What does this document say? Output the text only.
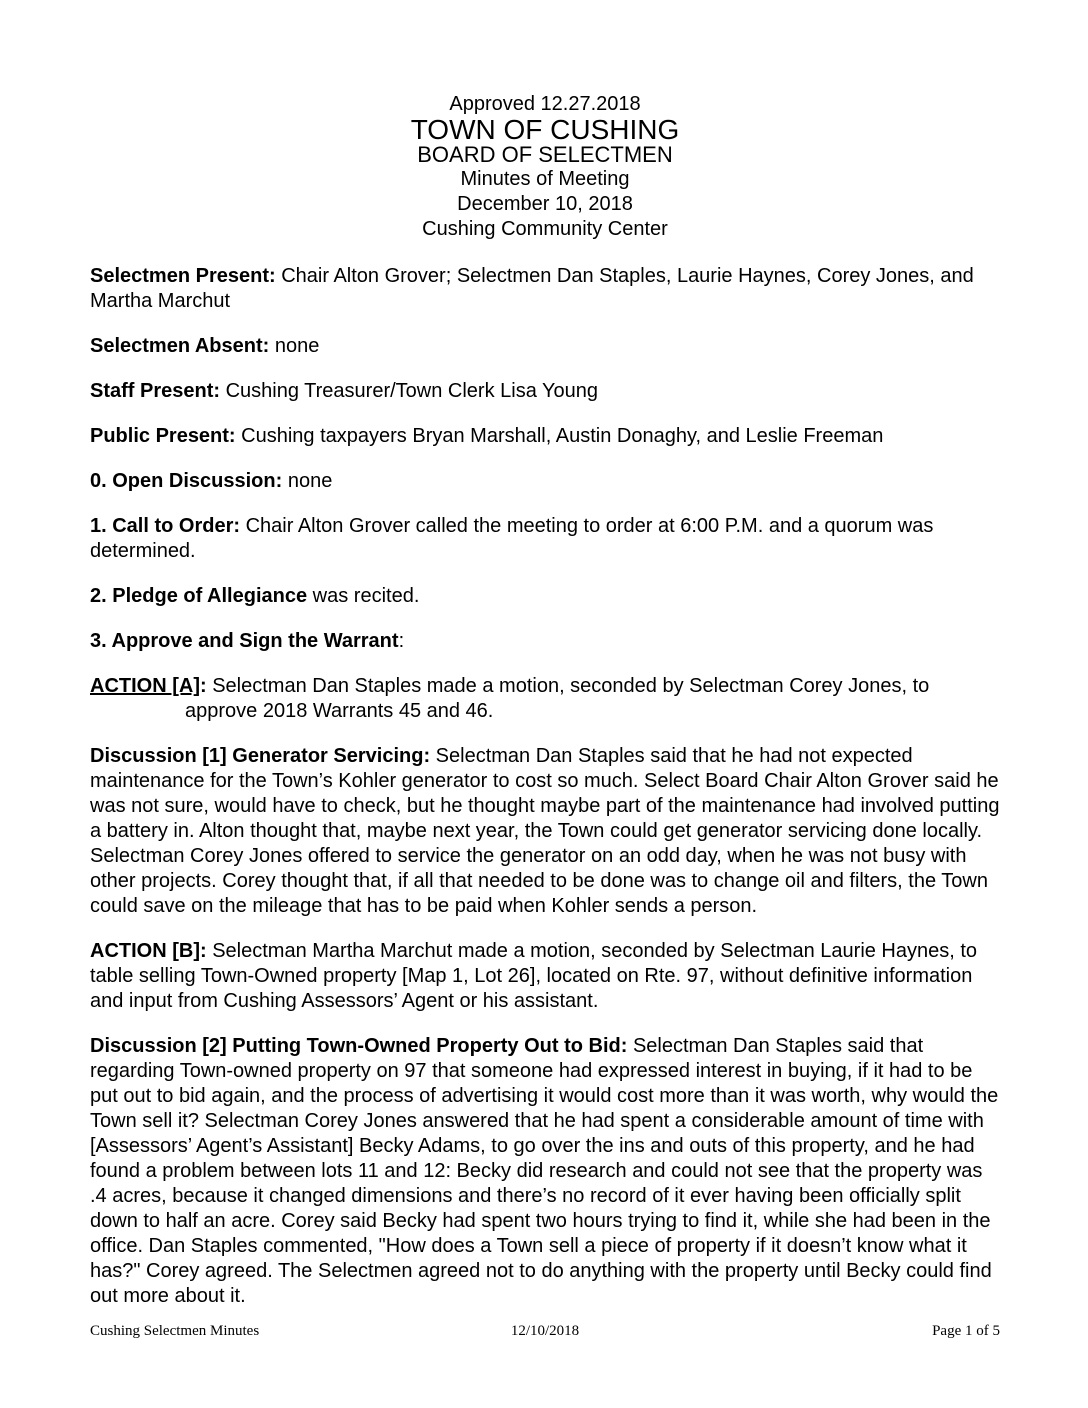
Approved 12.27.2018
TOWN OF CUSHING
BOARD OF SELECTMEN
Minutes of Meeting
December 10, 2018
Cushing Community Center

Selectmen Present: Chair Alton Grover; Selectmen Dan Staples, Laurie Haynes, Corey Jones, and Martha Marchut

Selectmen Absent: none

Staff Present: Cushing Treasurer/Town Clerk Lisa Young

Public Present: Cushing taxpayers Bryan Marshall, Austin Donaghy, and Leslie Freeman

0. Open Discussion: none

1. Call to Order: Chair Alton Grover called the meeting to order at 6:00 P.M. and a quorum was determined.

2. Pledge of Allegiance was recited.

3. Approve and Sign the Warrant:

ACTION [A]: Selectman Dan Staples made a motion, seconded by Selectman Corey Jones, to approve 2018 Warrants 45 and 46.

Discussion [1] Generator Servicing: Selectman Dan Staples said that he had not expected maintenance for the Town’s Kohler generator to cost so much. Select Board Chair Alton Grover said he was not sure, would have to check, but he thought maybe part of the maintenance had involved putting a battery in. Alton thought that, maybe next year, the Town could get generator servicing done locally. Selectman Corey Jones offered to service the generator on an odd day, when he was not busy with other projects. Corey thought that, if all that needed to be done was to change oil and filters, the Town could save on the mileage that has to be paid when Kohler sends a person.

ACTION [B]: Selectman Martha Marchut made a motion, seconded by Selectman Laurie Haynes, to table selling Town-Owned property [Map 1, Lot 26], located on Rte. 97, without definitive information and input from Cushing Assessors’ Agent or his assistant.

Discussion [2] Putting Town-Owned Property Out to Bid: Selectman Dan Staples said that regarding Town-owned property on 97 that someone had expressed interest in buying, if it had to be put out to bid again, and the process of advertising it would cost more than it was worth, why would the Town sell it? Selectman Corey Jones answered that he had spent a considerable amount of time with [Assessors’ Agent’s Assistant] Becky Adams, to go over the ins and outs of this property, and he had found a problem between lots 11 and 12: Becky did research and could not see that the property was .4 acres, because it changed dimensions and there’s no record of it ever having been officially split down to half an acre. Corey said Becky had spent two hours trying to find it, while she had been in the office. Dan Staples commented, "How does a Town sell a piece of property if it doesn’t know what it has?" Corey agreed. The Selectmen agreed not to do anything with the property until Becky could find out more about it.

Cushing Selectmen Minutes	12/10/2018	Page 1 of 5
